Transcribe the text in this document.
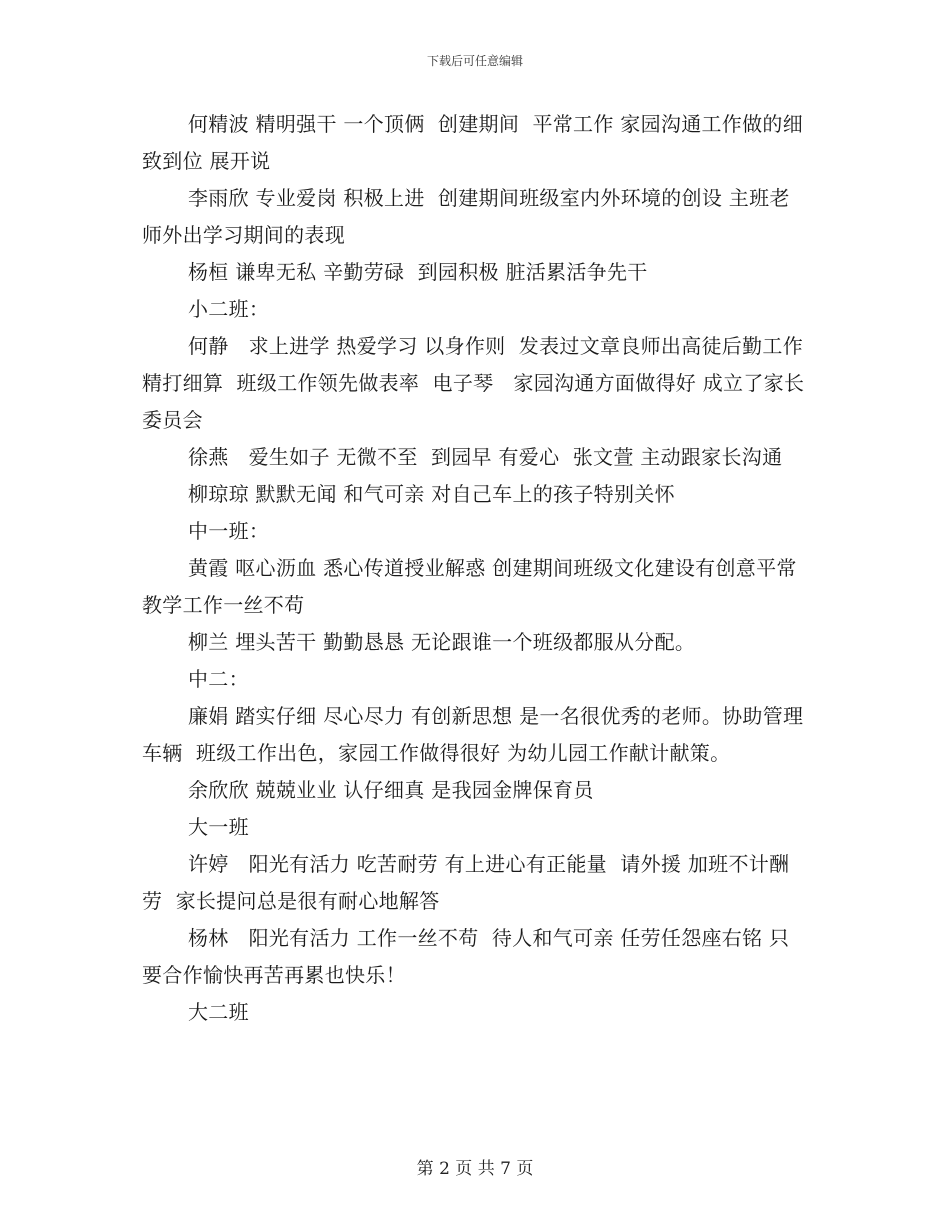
下载后可任意编辑

何精波 精明强干 一个顶俩  创建期间  平常工作 家园沟通工作做的细致到位 展开说

李雨欣 专业爱岗 积极上进  创建期间班级室内外环境的创设 主班老师外出学习期间的表现

杨桓 谦卑无私 辛勤劳碌  到园积极 脏活累活争先干

小二班：

何静   求上进学 热爱学习 以身作则  发表过文章良师出高徒后勤工作精打细算  班级工作领先做表率  电子琴   家园沟通方面做得好 成立了家长委员会

徐燕   爱生如子 无微不至  到园早 有爱心  张文萱 主动跟家长沟通

柳琼琼 默默无闻 和气可亲 对自己车上的孩子特别关怀

中一班：

黄霞 呕心沥血 悉心传道授业解惑 创建期间班级文化建设有创意平常教学工作一丝不苟

柳兰 埋头苦干 勤勤恳恳 无论跟谁一个班级都服从分配。

中二：

廉娟 踏实仔细 尽心尽力 有创新思想 是一名很优秀的老师。协助管理车辆  班级工作出色，家园工作做得很好 为幼儿园工作献计献策。

余欣欣 兢兢业业 认仔细真 是我园金牌保育员

大一班

许婷   阳光有活力 吃苦耐劳 有上进心有正能量  请外援 加班不计酬劳  家长提问总是很有耐心地解答

杨林   阳光有活力 工作一丝不苟  待人和气可亲 任劳任怨座右铭 只要合作愉快再苦再累也快乐！

大二班

第 2 页 共 7 页
